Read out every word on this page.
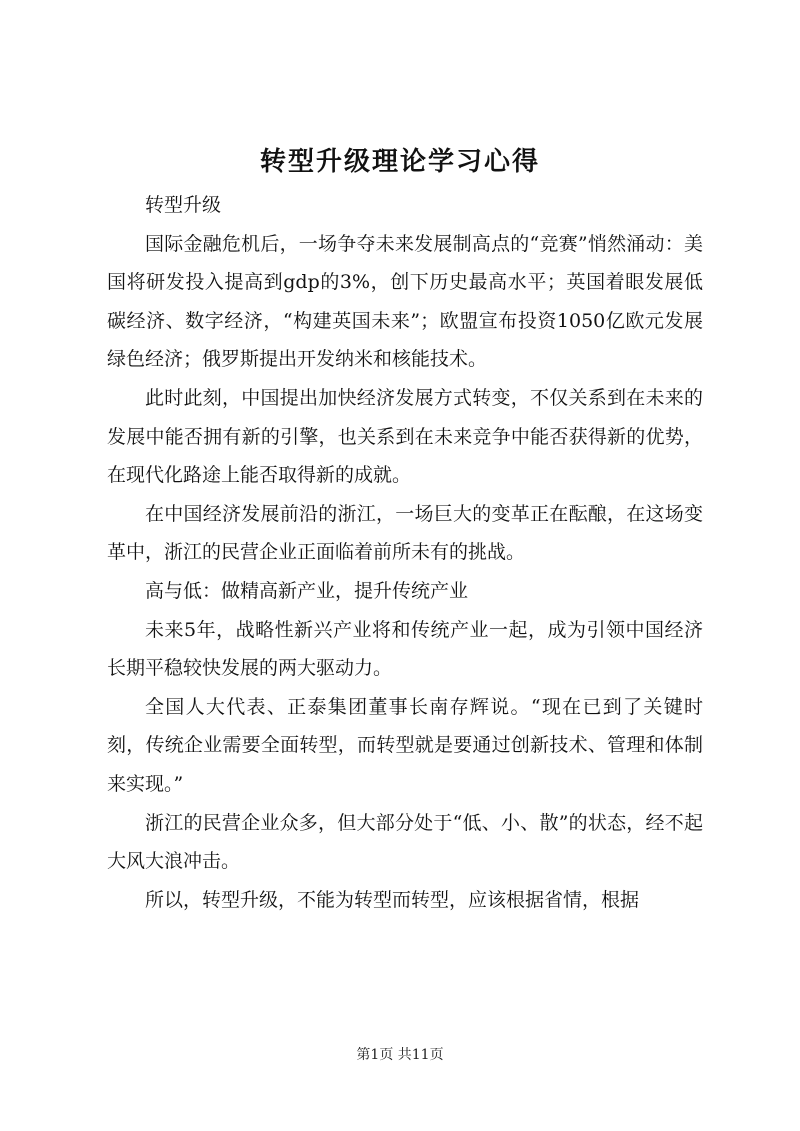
转型升级理论学习心得

转型升级

国际金融危机后，一场争夺未来发展制高点的“竞赛”悄然涌动：美国将研发投入提高到gdp的3%，创下历史最高水平；英国着眼发展低碳经济、数字经济，“构建英国未来”；欧盟宣布投资1050亿欧元发展绿色经济；俄罗斯提出开发纳米和核能技术。

此时此刻，中国提出加快经济发展方式转变，不仅关系到在未来的发展中能否拥有新的引擎，也关系到在未来竞争中能否获得新的优势，在现代化路途上能否取得新的成就。

在中国经济发展前沿的浙江，一场巨大的变革正在酝酿，在这场变革中，浙江的民营企业正面临着前所未有的挑战。

高与低：做精高新产业，提升传统产业

未来5年，战略性新兴产业将和传统产业一起，成为引领中国经济长期平稳较快发展的两大驱动力。

全国人大代表、正泰集团董事长南存辉说。“现在已到了关键时刻，传统企业需要全面转型，而转型就是要通过创新技术、管理和体制来实现。”

浙江的民营企业众多，但大部分处于“低、小、散”的状态，经不起大风大浪冲击。

所以，转型升级，不能为转型而转型，应该根据省情，根据

第1页 共11页
